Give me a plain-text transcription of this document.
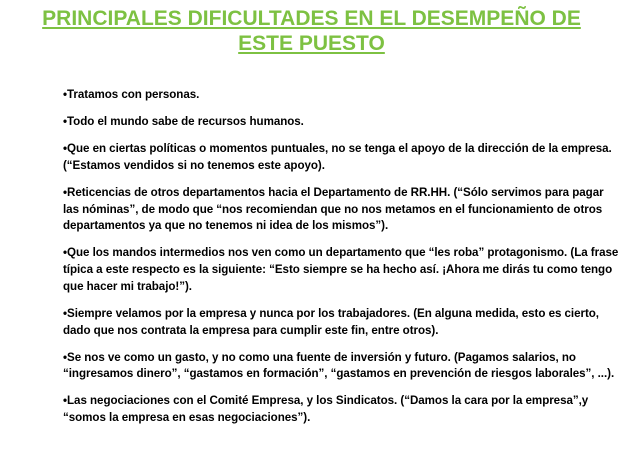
PRINCIPALES DIFICULTADES EN EL DESEMPEÑO DE
ESTE PUESTO
• Tratamos con personas.
• Todo el mundo sabe de recursos humanos.
• Que en ciertas políticas o momentos puntuales, no se tenga el apoyo de la dirección de la empresa.(“Estamos vendidos si no tenemos este apoyo).
• Reticencias de otros departamentos hacia el Departamento de RR.HH. (“Sólo servimos para pagar las nóminas”, de modo que “nos recomiendan que no nos metamos en el funcionamiento de otros departamentos ya que no tenemos ni idea de los mismos”).
• Que los mandos intermedios nos ven como un departamento que “les roba” protagonismo. (La frase típica a este respecto es la siguiente: “Esto siempre se ha hecho así. ¡Ahora me dirás tu como tengo que hacer mi trabajo!”).
• Siempre velamos por la empresa y nunca por los trabajadores. (En alguna medida, esto es cierto, dado que nos contrata la empresa para cumplir este fin, entre otros).
• Se nos ve como un gasto, y no como una fuente de inversión y futuro. (Pagamos salarios, no “ingresamos dinero”, “gastamos en formación”, “gastamos en prevención de riesgos laborales”, ...).
• Las negociaciones con el Comité Empresa, y los Sindicatos. (“Damos la cara por la empresa”,y “somos la empresa en esas negociaciones”).
